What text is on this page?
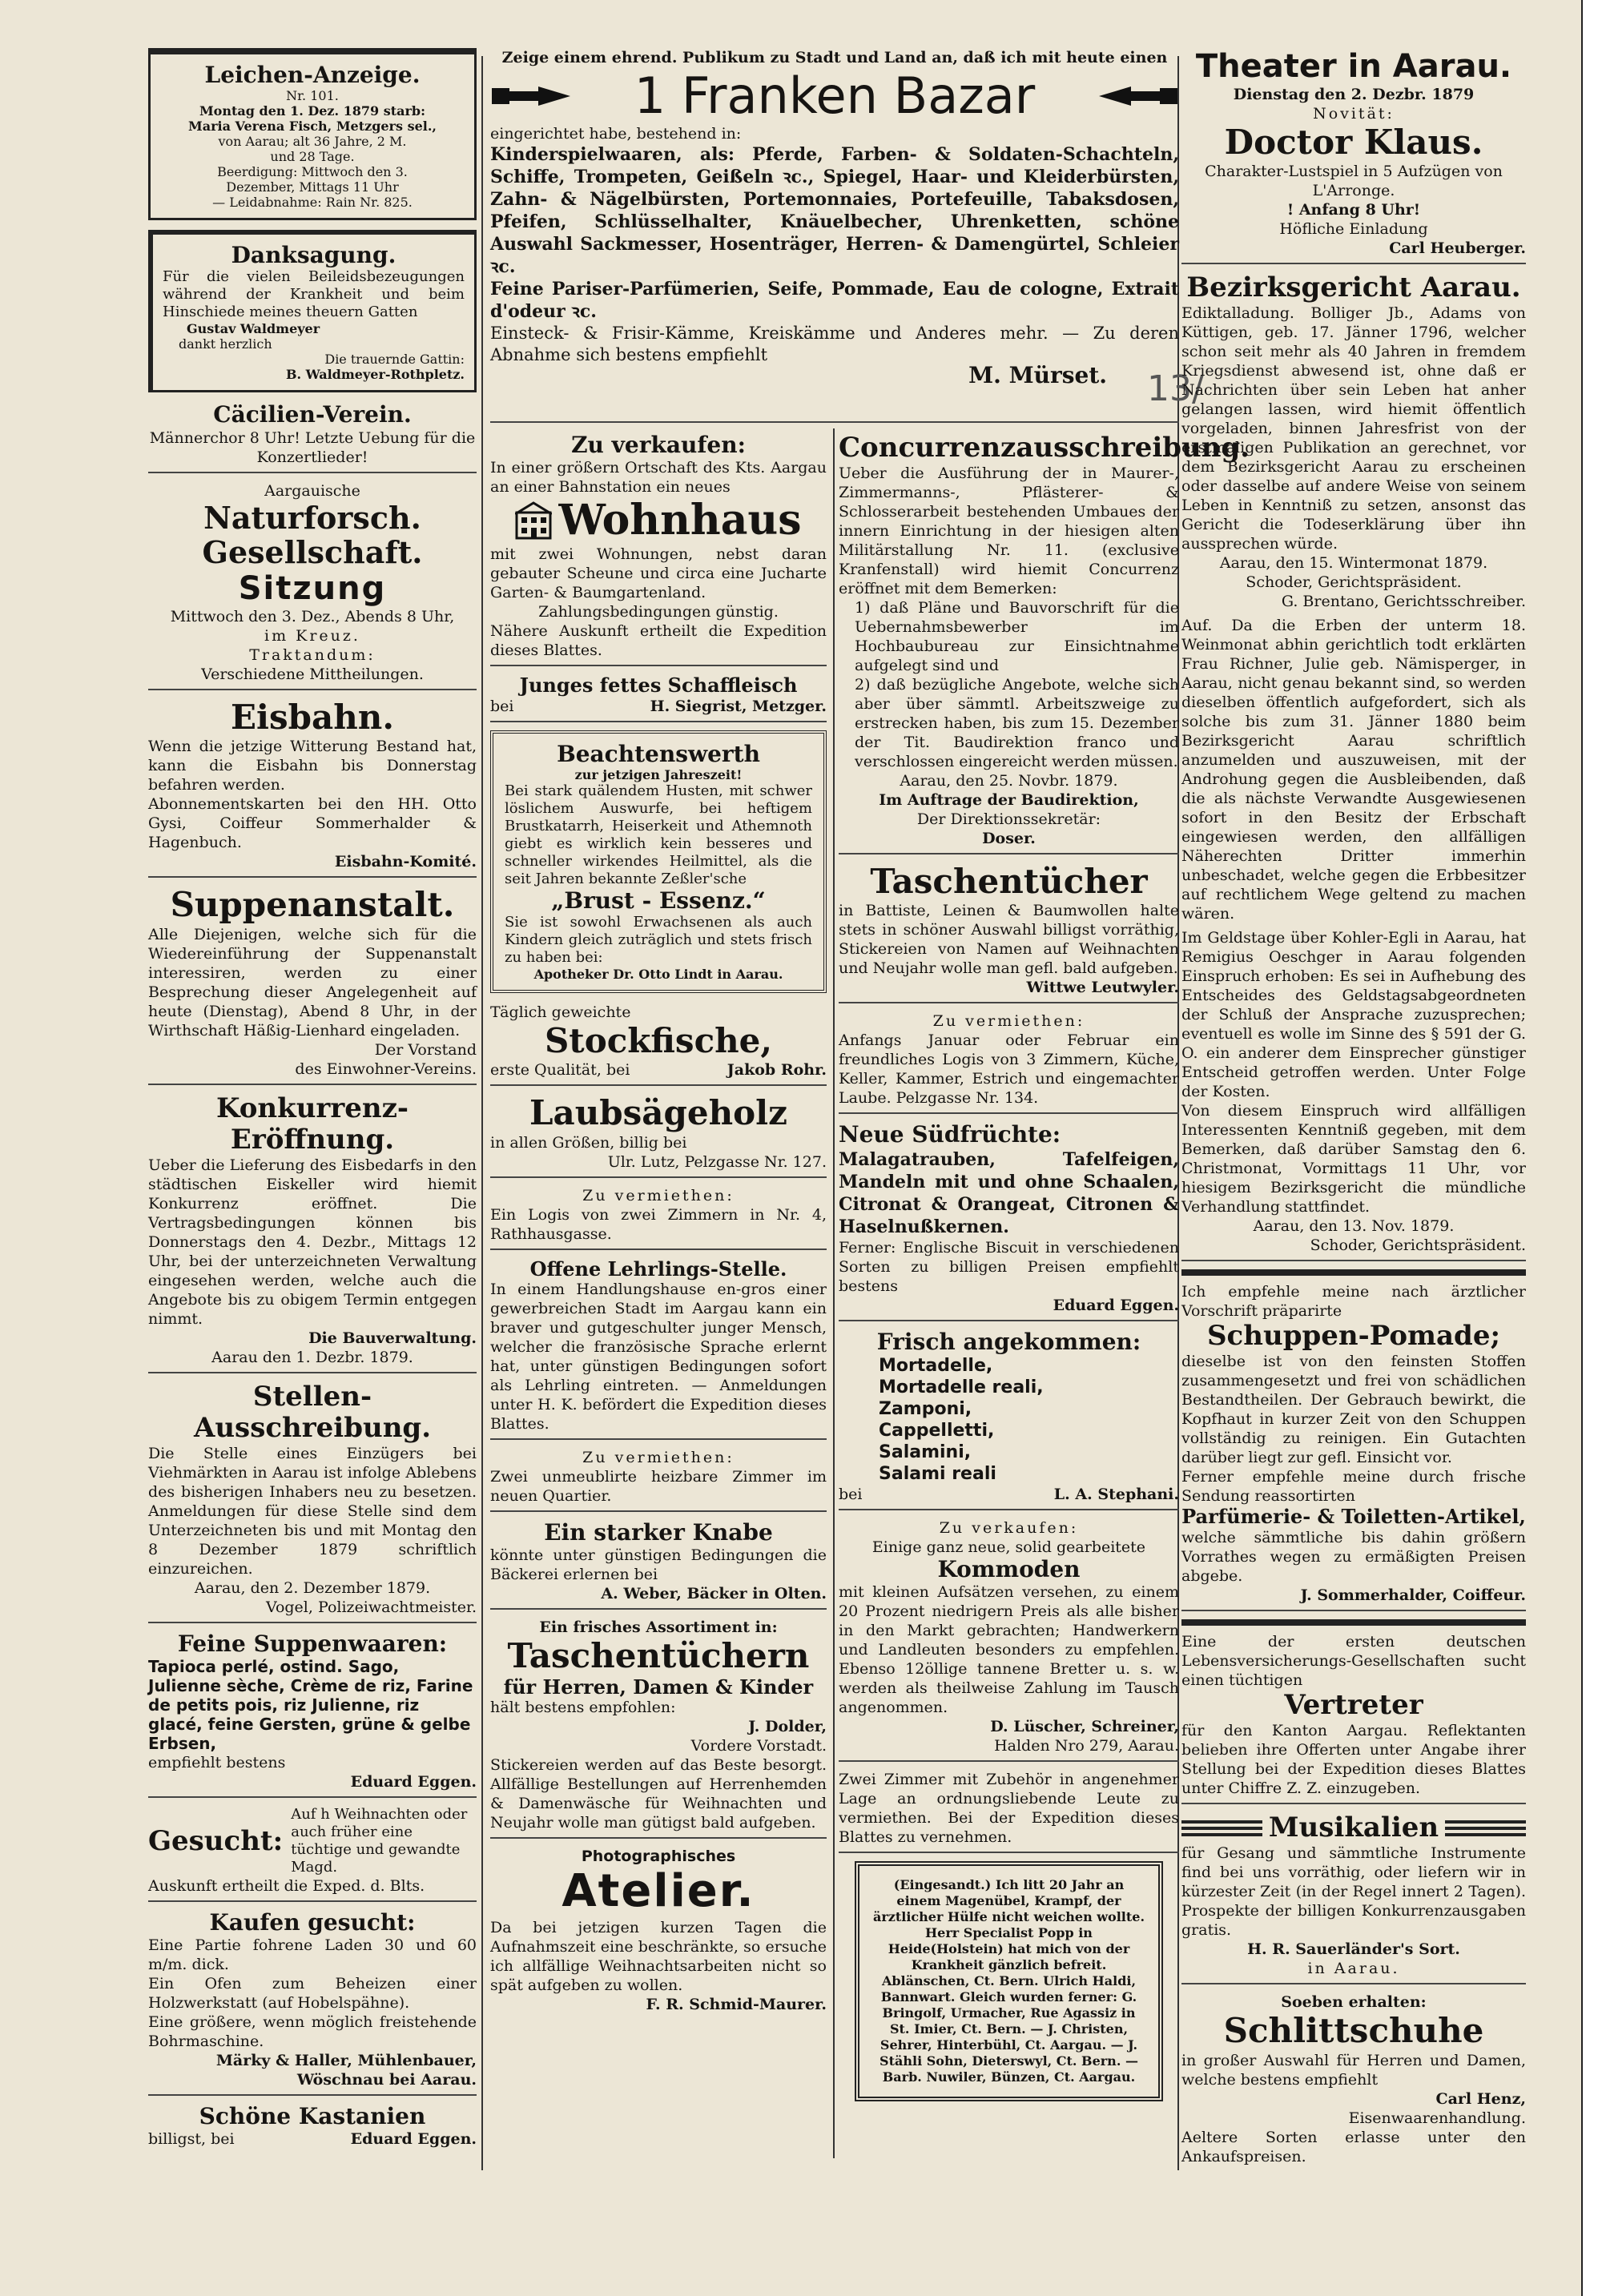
Leichen-Anzeige.
Nr. 101.
Montag den 1. Dez. 1879 starb:
Maria Verena Fisch, Metzgers sel.,
von Aarau; alt 36 Jahre, 2 M.
und 28 Tage.
Beerdigung: Mittwoch den 3.
Dezember, Mittags 11 Uhr
— Leidabnahme: Rain Nr. 825.
Danksagung.
Für die vielen Beileidsbezeugungen während der Krankheit und beim Hinschiede meines theuern Gatten
Gustav Waldmeyer
dankt herzlich
Die trauernde Gattin:
B. Waldmeyer-Rothpletz.
Cäcilien-Verein.
Männerchor 8 Uhr! Letzte Uebung für die Konzertlieder!
Aargauische
Naturforsch. Gesellschaft.
Sitzung
Mittwoch den 3. Dez., Abends 8 Uhr,
im Kreuz.
Traktandum:
Verschiedene Mittheilungen.
Eisbahn.
Wenn die jetzige Witterung Bestand hat, kann die Eisbahn bis Donnerstag befahren werden.
Abonnementskarten bei den HH. Otto Gysi, Coiffeur Sommerhalder & Hagenbuch.
Eisbahn-Komité.
Suppenanstalt.
Alle Diejenigen, welche sich für die Wiedereinführung der Suppenanstalt interessiren, werden zu einer Besprechung dieser Angelegenheit auf heute (Dienstag), Abend 8 Uhr, in der Wirthschaft Häßig-Lienhard eingeladen.
Der Vorstand
des Einwohner-Vereins.
Konkurrenz-Eröffnung.
Ueber die Lieferung des Eisbedarfs in den städtischen Eiskeller wird hiemit Konkurrenz eröffnet. Die Vertragsbedingungen können bis Donnerstags den 4. Dezbr., Mittags 12 Uhr, bei der unterzeichneten Verwaltung eingesehen werden, welche auch die Angebote bis zu obigem Termin entgegen nimmt.
Die Bauverwaltung.
Aarau den 1. Dezbr. 1879.
Stellen-Ausschreibung.
Die Stelle eines Einzügers bei Viehmärkten in Aarau ist infolge Ablebens des bisherigen Inhabers neu zu besetzen. Anmeldungen für diese Stelle sind dem Unterzeichneten bis und mit Montag den 8 Dezember 1879 schriftlich einzureichen.
Aarau, den 2. Dezember 1879.
Vogel, Polizeiwachtmeister.
Feine Suppenwaaren:
Tapioca perlé, ostind. Sago, Julienne sèche, Crème de riz, Farine de petits pois, riz Julienne, riz glacé, feine Gersten, grüne & gelbe Erbsen,
empfiehlt bestens
Eduard Eggen.
Gesucht:
Auf h Weihnachten oder auch früher eine tüchtige und gewandte Magd.
Auskunft ertheilt die Exped. d. Blts.
Kaufen gesucht:
Eine Partie fohrene Laden 30 und 60 m/m. dick.
Ein Ofen zum Beheizen einer Holzwerkstatt (auf Hobelspähne).
Eine größere, wenn möglich freistehende Bohrmaschine.
Märky & Haller, Mühlenbauer,
Wöschnau bei Aarau.
Schöne Kastanien
billigst, bei	Eduard Eggen.
Zeige einem ehrend. Publikum zu Stadt und Land an, daß ich mit heute einen
1 Franken Bazar
eingerichtet habe, bestehend in:
Kinderspielwaaren, als: Pferde, Farben- & Soldaten-Schachteln, Schiffe, Trompeten, Geißeln ꝛc., Spiegel, Haar- und Kleiderbürsten, Zahn- & Nägelbürsten, Portemonnaies, Portefeuille, Tabaksdosen, Pfeifen, Schlüsselhalter, Knäuelbecher, Uhrenketten, schöne Auswahl Sackmesser, Hosenträger, Herren- & Damengürtel, Schleier ꝛc.
Feine Pariser-Parfümerien, Seife, Pommade, Eau de cologne, Extrait d'odeur ꝛc.
Einsteck- & Frisir-Kämme, Kreiskämme und Anderes mehr. — Zu deren Abnahme sich bestens empfiehlt
M. Mürset.	13/
Zu verkaufen:
In einer größern Ortschaft des Kts. Aargau an einer Bahnstation ein neues
Wohnhaus
mit zwei Wohnungen, nebst daran gebauter Scheune und circa eine Jucharte Garten- & Baumgartenland.
Zahlungsbedingungen günstig.
Nähere Auskunft ertheilt die Expedition dieses Blattes.
Junges fettes Schaffleisch
bei	H. Siegrist, Metzger.
Beachtenswerth
zur jetzigen Jahreszeit!
Bei stark quälendem Husten, mit schwer löslichem Auswurfe, bei heftigem Brustkatarrh, Heiserkeit und Athemnoth giebt es wirklich kein besseres und schneller wirkendes Heilmittel, als die seit Jahren bekannte Zeßler'sche
„Brust - Essenz.“
Sie ist sowohl Erwachsenen als auch Kindern gleich zuträglich und stets frisch zu haben bei:
Apotheker Dr. Otto Lindt in Aarau.
Täglich geweichte
Stockfische,
erste Qualität, bei	Jakob Rohr.
Laubsägeholz
in allen Größen, billig bei
Ulr. Lutz, Pelzgasse Nr. 127.
Zu vermiethen:
Ein Logis von zwei Zimmern in Nr. 4, Rathhausgasse.
Offene Lehrlings-Stelle.
In einem Handlungshause en-gros einer gewerbreichen Stadt im Aargau kann ein braver und gutgeschulter junger Mensch, welcher die französische Sprache erlernt hat, unter günstigen Bedingungen sofort als Lehrling eintreten. — Anmeldungen unter H. K. befördert die Expedition dieses Blattes.
Zu vermiethen:
Zwei unmeublirte heizbare Zimmer im neuen Quartier.
Ein starker Knabe
könnte unter günstigen Bedingungen die Bäckerei erlernen bei
A. Weber, Bäcker in Olten.
Ein frisches Assortiment in:
Taschentüchern
für Herren, Damen & Kinder
hält bestens empfohlen:
J. Dolder,
Vordere Vorstadt.
Stickereien werden auf das Beste besorgt. Allfällige Bestellungen auf Herrenhemden & Damenwäsche für Weihnachten und Neujahr wolle man gütigst bald aufgeben.
Photographisches
Atelier.
Da bei jetzigen kurzen Tagen die Aufnahmszeit eine beschränkte, so ersuche ich allfällige Weihnachtsarbeiten nicht so spät aufgeben zu wollen.
F. R. Schmid-Maurer.
Concurrenzausschreibung.
Ueber die Ausführung der in Maurer-, Zimmermanns-, Pflästerer- & Schlosserarbeit bestehenden Umbaues der innern Einrichtung in der hiesigen alten Militärstallung Nr. 11. (exclusive Kranfenstall) wird hiemit Concurrenz eröffnet mit dem Bemerken:
1) daß Pläne und Bauvorschrift für die Uebernahmsbewerber im Hochbaubureau zur Einsichtnahme aufgelegt sind und
2) daß bezügliche Angebote, welche sich aber über sämmtl. Arbeitszweige zu erstrecken haben, bis zum 15. Dezember der Tit. Baudirektion franco und verschlossen eingereicht werden müssen.
Aarau, den 25. Novbr. 1879.
Im Auftrage der Baudirektion,
Der Direktionssekretär:
Doser.
Taschentücher
in Battiste, Leinen & Baumwollen halte stets in schöner Auswahl billigst vorräthig, Stickereien von Namen auf Weihnachten und Neujahr wolle man gefl. bald aufgeben.
Wittwe Leutwyler.
Zu vermiethen:
Anfangs Januar oder Februar ein freundliches Logis von 3 Zimmern, Küche, Keller, Kammer, Estrich und eingemachter Laube. Pelzgasse Nr. 134.
Neue Südfrüchte:
Malagatrauben, Tafelfeigen, Mandeln mit und ohne Schaalen, Citronat & Orangeat, Citronen & Haselnußkernen.
Ferner: Englische Biscuit in verschiedenen Sorten zu billigen Preisen empfiehlt bestens
Eduard Eggen.
Frisch angekommen:
Mortadelle,
Mortadelle reali,
Zamponi,
Cappelletti,
Salamini,
Salami reali
bei	L. A. Stephani.
Zu verkaufen:
Einige ganz neue, solid gearbeitete
Kommoden
mit kleinen Aufsätzen versehen, zu einem 20 Prozent niedrigern Preis als alle bisher in den Markt gebrachten; Handwerkern und Landleuten besonders zu empfehlen. Ebenso 12öllige tannene Bretter u. s. w. werden als theilweise Zahlung im Tausch angenommen.
D. Lüscher, Schreiner,
Halden Nro 279, Aarau.
Zwei Zimmer mit Zubehör in angenehmer Lage an ordnungsliebende Leute zu vermiethen. Bei der Expedition dieses Blattes zu vernehmen.
(Eingesandt.) Ich litt 20 Jahr an einem Magenübel, Krampf, der ärztlicher Hülfe nicht weichen wollte. Herr Specialist Popp in Heide(Holstein) hat mich von der Krankheit gänzlich befreit. Ablänschen, Ct. Bern. Ulrich Haldi, Bannwart. Gleich wurden ferner: G. Bringolf, Urmacher, Rue Agassiz in St. Imier, Ct. Bern. — J. Christen, Sehrer, Hinterbühl, Ct. Aargau. — J. Stähli Sohn, Dieterswyl, Ct. Bern. — Barb. Nuwiler, Bünzen, Ct. Aargau.
Theater in Aarau.
Dienstag den 2. Dezbr. 1879
Novität:
Doctor Klaus.
Charakter-Lustspiel in 5 Aufzügen von L'Arronge.
! Anfang 8 Uhr!
Höfliche Einladung
Carl Heuberger.
Bezirksgericht Aarau.
Ediktalladung. Bolliger Jb., Adams von Küttigen, geb. 17. Jänner 1796, welcher schon seit mehr als 40 Jahren in fremdem Kriegsdienst abwesend ist, ohne daß er Nachrichten über sein Leben hat anher gelangen lassen, wird hiemit öffentlich vorgeladen, binnen Jahresfrist von der erstmaligen Publikation an gerechnet, vor dem Bezirksgericht Aarau zu erscheinen oder dasselbe auf andere Weise von seinem Leben in Kenntniß zu setzen, ansonst das Gericht die Todeserklärung über ihn aussprechen würde.
Aarau, den 15. Wintermonat 1879.
Schoder, Gerichtspräsident.
G. Brentano, Gerichtsschreiber.
Auf. Da die Erben der unterm 18. Weinmonat abhin gerichtlich todt erklärten Frau Richner, Julie geb. Nämisperger, in Aarau, nicht genau bekannt sind, so werden dieselben öffentlich aufgefordert, sich als solche bis zum 31. Jänner 1880 beim Bezirksgericht Aarau schriftlich anzumelden und auszuweisen, mit der Androhung gegen die Ausbleibenden, daß die als nächste Verwandte Ausgewiesenen sofort in den Besitz der Erbschaft eingewiesen werden, den allfälligen Näherechten Dritter immerhin unbeschadet, welche gegen die Erbbesitzer auf rechtlichem Wege geltend zu machen wären.
Im Geldstage über Kohler-Egli in Aarau, hat Remigius Oeschger in Aarau folgenden Einspruch erhoben: Es sei in Aufhebung des Entscheides des Geldstagsabgeordneten der Schluß der Ansprache zuzusprechen; eventuell es wolle im Sinne des § 591 der G. O. ein anderer dem Einsprecher günstiger Entscheid getroffen werden. Unter Folge der Kosten.
Von diesem Einspruch wird allfälligen Interessenten Kenntniß gegeben, mit dem Bemerken, daß darüber Samstag den 6. Christmonat, Vormittags 11 Uhr, vor hiesigem Bezirksgericht die mündliche Verhandlung stattfindet.
Aarau, den 13. Nov. 1879.
Schoder, Gerichtspräsident.
Ich empfehle meine nach ärztlicher Vorschrift präparirte
Schuppen-Pomade;
dieselbe ist von den feinsten Stoffen zusammengesetzt und frei von schädlichen Bestandtheilen. Der Gebrauch bewirkt, die Kopfhaut in kurzer Zeit von den Schuppen vollständig zu reinigen. Ein Gutachten darüber liegt zur gefl. Einsicht vor.
Ferner empfehle meine durch frische Sendung reassortirten
Parfümerie- & Toiletten-Artikel,
welche sämmtliche bis dahin größern Vorrathes wegen zu ermäßigten Preisen abgebe.
J. Sommerhalder, Coiffeur.
Eine der ersten deutschen Lebensversicherungs-Gesellschaften sucht einen tüchtigen
Vertreter
für den Kanton Aargau. Reflektanten belieben ihre Offerten unter Angabe ihrer Stellung bei der Expedition dieses Blattes unter Chiffre Z. Z. einzugeben.
Musikalien
für Gesang und sämmtliche Instrumente find bei uns vorräthig, oder liefern wir in kürzester Zeit (in der Regel innert 2 Tagen). Prospekte der billigen Konkurrenzausgaben gratis.
H. R. Sauerländer's Sort.
in Aarau.
Soeben erhalten:
Schlittschuhe
in großer Auswahl für Herren und Damen, welche bestens empfiehlt
Carl Henz,
Eisenwaarenhandlung.
Aeltere Sorten erlasse unter den Ankaufspreisen.
